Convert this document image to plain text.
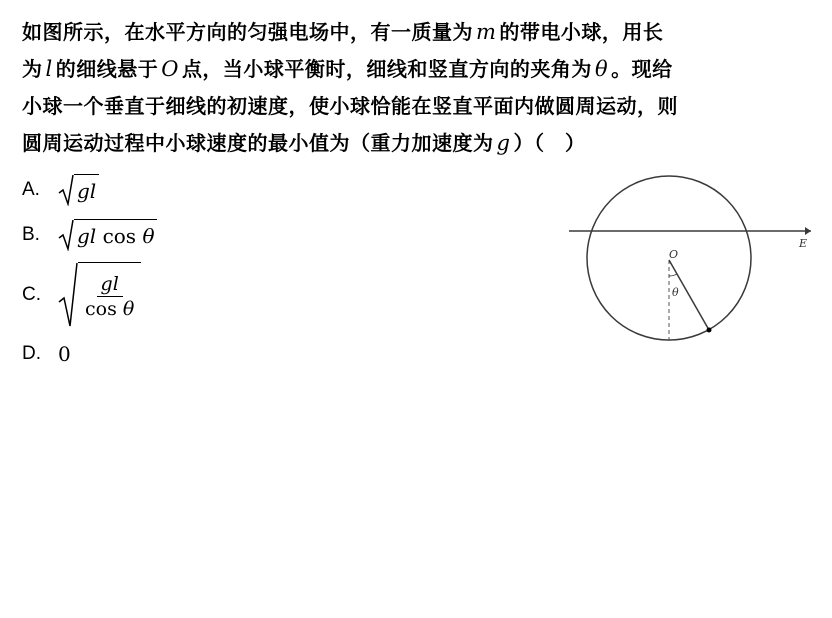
如图所示，在水平方向的匀强电场中，有一质量为 m 的带电小球，用长
为 l 的细线悬于 O 点，当小球平衡时，细线和竖直方向的夹角为 θ 。现给
小球一个垂直于细线的初速度，使小球恰能在竖直平面内做圆周运动，则
圆周运动过程中小球速度的最小值为（重力加速度为 g ）（　）
A.	gl
B.	gl
cos
θ
C.	$\frac{gl}{\text{cos θ}}$
D. 0
O
θ
E
